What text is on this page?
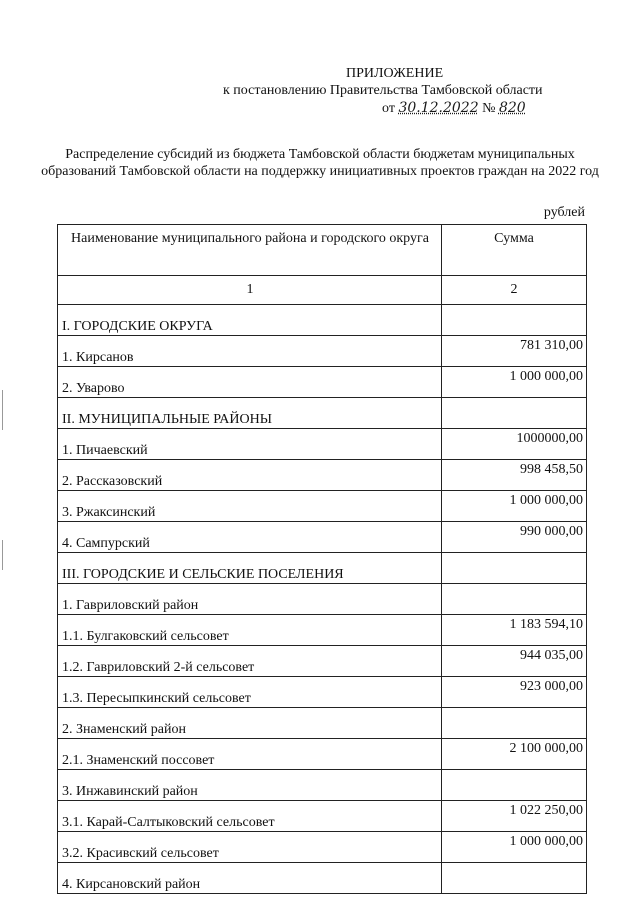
ПРИЛОЖЕНИЕ
к постановлению Правительства Тамбовской области
от 30.12.2022 № 820
Распределение субсидий из бюджета Тамбовской области бюджетам муниципальных образований Тамбовской области на поддержку инициативных проектов граждан на 2022 год
рублей
Наименование муниципального района и городского округа	Сумма
1	2
I. ГОРОДСКИЕ ОКРУГА	
1. Кирсанов	781 310,00
2. Уварово	1 000 000,00
II. МУНИЦИПАЛЬНЫЕ РАЙОНЫ	
1. Пичаевский	1000000,00
2. Рассказовский	998 458,50
3. Ржаксинский	1 000 000,00
4. Сампурский	990 000,00
III. ГОРОДСКИЕ И СЕЛЬСКИЕ ПОСЕЛЕНИЯ	
1. Гавриловский район	
1.1. Булгаковский сельсовет	1 183 594,10
1.2. Гавриловский 2-й сельсовет	944 035,00
1.3. Пересыпкинский сельсовет	923 000,00
2. Знаменский район	
2.1. Знаменский поссовет	2 100 000,00
3. Инжавинский район	
3.1. Карай-Салтыковский сельсовет	1 022 250,00
3.2. Красивский сельсовет	1 000 000,00
4. Кирсановский район	
